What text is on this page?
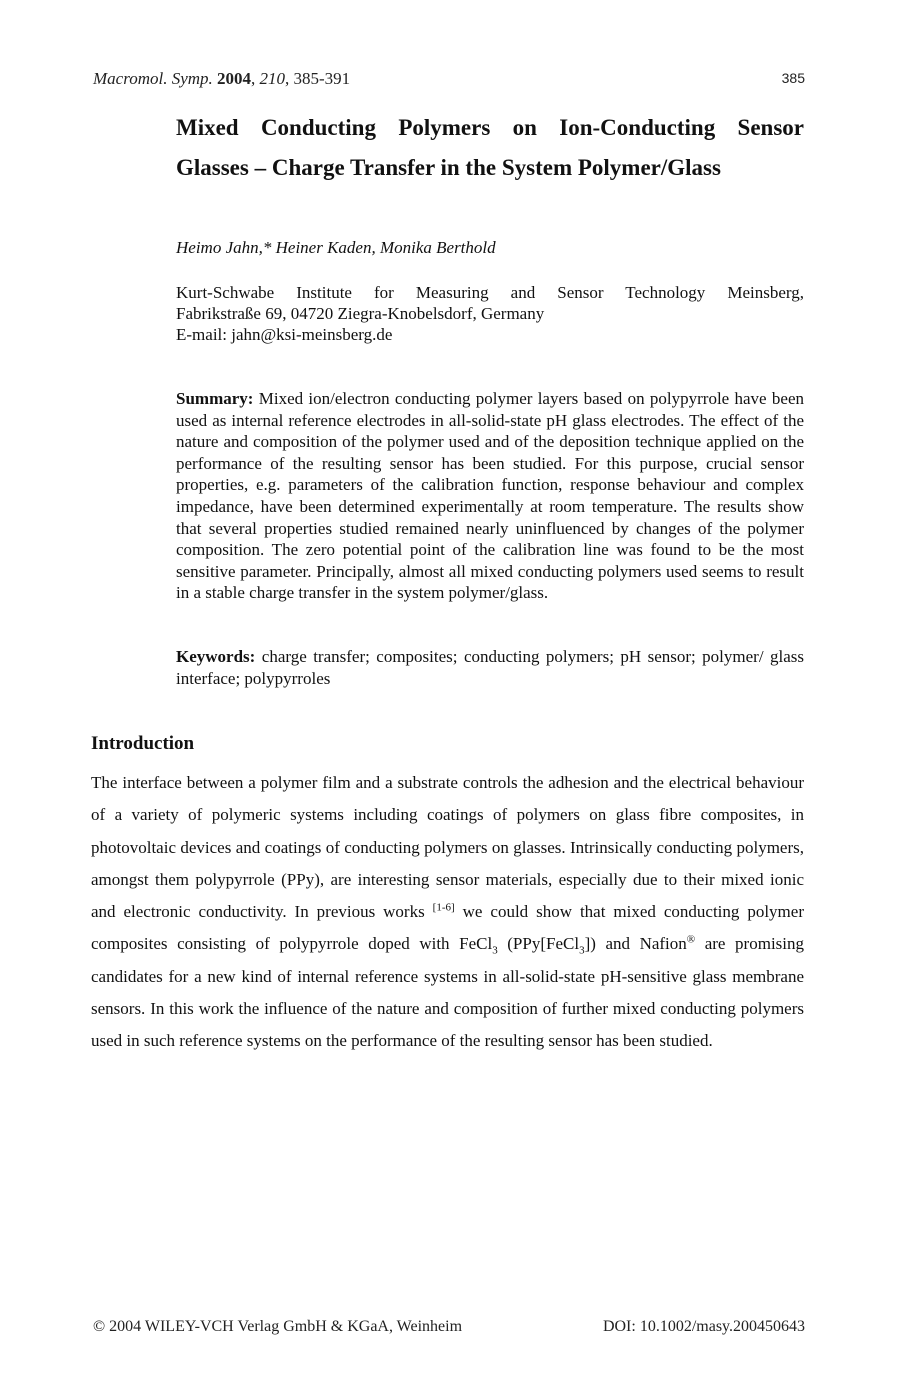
Macromol. Symp. 2004, 210, 385-391	385
Mixed Conducting Polymers on Ion-Conducting Sensor
Glasses – Charge Transfer in the System Polymer/Glass

Heimo Jahn,* Heiner Kaden, Monika Berthold

Kurt-Schwabe Institute for Measuring and Sensor Technology Meinsberg,
Fabrikstraße 69, 04720 Ziegra-Knobelsdorf, Germany
E-mail: jahn@ksi-meinsberg.de

Summary: Mixed ion/electron conducting polymer layers based on polypyrrole have been used as internal reference electrodes in all-solid-state pH glass electrodes. The effect of the nature and composition of the polymer used and of the deposition technique applied on the performance of the resulting sensor has been studied. For this purpose, crucial sensor properties, e.g. parameters of the calibration function, response behaviour and complex impedance, have been determined experimentally at room temperature. The results show that several properties studied remained nearly uninfluenced by changes of the polymer composition. The zero potential point of the calibration line was found to be the most sensitive parameter. Principally, almost all mixed conducting polymers used seems to result in a stable charge transfer in the system polymer/glass.

Keywords: charge transfer; composites; conducting polymers; pH sensor; polymer/ glass interface; polypyrroles

Introduction

The interface between a polymer film and a substrate controls the adhesion and the electrical behaviour of a variety of polymeric systems including coatings of polymers on glass fibre composites, in photovoltaic devices and coatings of conducting polymers on glasses. Intrinsically conducting polymers, amongst them polypyrrole (PPy), are interesting sensor materials, especially due to their mixed ionic and electronic conductivity. In previous works [1-6] we could show that mixed conducting polymer composites consisting of polypyrrole doped with FeCl$_3$ (PPy[FeCl$_3$]) and Nafion® are promising candidates for a new kind of internal reference systems in all-solid-state pH-sensitive glass membrane sensors. In this work the influence of the nature and composition of further mixed conducting polymers used in such reference systems on the performance of the resulting sensor has been studied.

© 2004 WILEY-VCH Verlag GmbH & KGaA, Weinheim	DOI: 10.1002/masy.200450643
